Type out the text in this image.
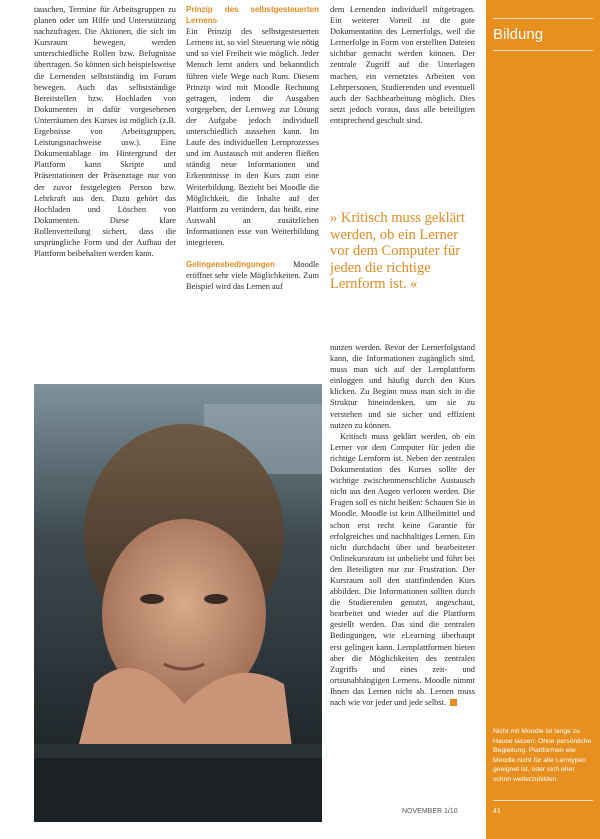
tauschen, Termine für Arbeitsgruppen zu planen oder um Hilfe und Unterstützung nachzufragen. Die Aktionen, die sich im Kursraum bewegen, werden unterschiedliche Rollen bzw. Befugnisse übertragen. So können sich beispielsweise die Lernenden selbstständig im Forum bewegen. Auch das selbstständige Bereitstellen bzw. Hochladen von Dokumenten in dafür vorgesehenen Unterräumen des Kurses ist möglich (z.B. Ergebnisse von Arbeitsgruppen, Leistungsnachweise usw.). Eine Dokumentablage im Hintergrund der Plattform kann Skripte und Präsentationen der Präsenztage nur von der zuvor festgelegten Person bzw. Lehrkraft aus den. Dazu gehört das Hochladen und Löschen von Dokumenten. Diese klare Rollenverteilung sichert, dass die ursprüngliche Form und der Aufbau der Plattform beibehalten werden kann.

Prinzip des selbstgesteuerten Lernens

Ein Prinzip des selbstgesteuerten Lernens ist, so viel Steuerung wie nötig und so viel Freiheit wie möglich. Jeder Mensch lernt anders und bekanntlich führen viele Wege nach Rom. Diesem Prinzip wird mit Moodle Rechnung getragen, indem die Ausgaben vorgegeben, der Lernweg zur Lösung der Aufgabe jedoch individuell unterschiedlich aussehen kann. Im Laufe des individuellen Lernprozesses und im Austausch mit anderen fließen ständig neue Informationen und Erkenntnisse in den Kurs zum eine Weiterbildung. Bezieht bei Moodle die Möglichkeit, die Inhalte auf der Plattform zu verändern, das heißt, eine Auswahl an zusätzlichen Informationen esse von Weiterbildung integrieren.

Gelingensbedingungen Moodle eröffnet sehr viele Möglichkeiten. Zum Beispiel wird das Lernen auf

dem Lernenden individuell mitgetragen. Ein weiterer Vorteil ist die gute Dokumentation des Lernerfolgs, weil die Lernerfolge in Form von erstellten Dateien sichtbar gemacht werden können. Der zentrale Zugriff auf die Unterlagen machen, ein vernetztes Arbeiten von Lehrpersonen, Studierenden und eventuell auch der Sachbearbeitung möglich. Dies setzt jedoch voraus, dass alle beteiligten entsprechend geschult sind.

» Kritisch muss geklärt werden, ob ein Lerner vor dem Computer für jeden die richtige Lernform ist. «

nutzen werden. Bevor der Lernerfolgstand kann, die Informationen zugänglich sind, muss man sich auf der Lernplattform einloggen und häufig durch den Kurs klicken. Zu Beginn muss man sich in die Struktur hineindenken, um sie zu verstehen und sie sicher und effizient nutzen zu können.

Kritisch muss geklärt werden, ob ein Lerner vor dem Computer für jeden die richtige Lernform ist. Neben der zentralen Dokumentation des Kurses sollte der wichtige zwischenmenschliche Austausch nicht aus den Augen verloren werden. Die Fragen soll es nicht heißen: Schauen Sie in Moodle. Moodle ist kein Allheilmittel und schon erst recht keine Garantie für erfolgreiches und nachhaltiges Lernen. Ein nicht durchdacht über und bearbeiteter Onlinekursraum ist unbeliebt und führt bei den Beteiligten nur zur Frustration. Der Kursraum soll den stattfindenden Kurs abbilden. Die Informationen sollten durch die Studierenden genutzt, angeschaut, bearbeitet und wieder auf die Plattform gestellt werden. Das sind die zentralen Bedingungen, wie eLearning überhaupt erst gelingen kann. Lernplattformen bieten aber die Möglichkeiten des zentralen Zugriffs und eines zeit- und ortsunabhängigen Lernens. Moodle nimmt Ihnen das Lernen nicht ab. Lernen muss nach wie vor jeder und jede selbst.

NOVEMBER 1/10
Bildung
Nicht mit Moodle ist lange zu Hause lassen: Ohne persönliche Begleitung. Plattformen wie Moodle nicht für alle Lerntypen geeignet ist, oder sich eher schon weiterzubilden.
41
